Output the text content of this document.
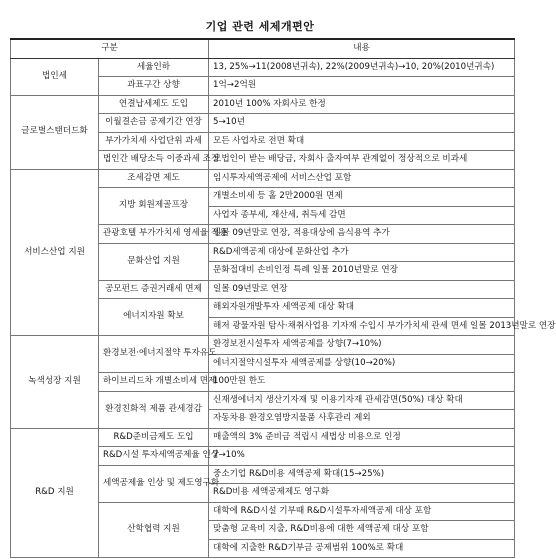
기업 관련 세제개편안
구분		내용
법인세	세율인하	13, 25%→11(2008년귀속), 22%(2009년귀속)→10, 20%(2010년귀속)
	과표구간 상향	1억→2억원
글로벌스탠더드화	연결납세제도 도입	2010년 100% 자회사로 한정
	이월결손금 공제기간 연장	5→10년
	부가가치세 사업단위 과세	모든 사업자로 전면 확대
	법인간 배당소득 이중과세 조정	모법인이 받는 배당금, 자회사 출자여부 관계없이 정상적으로 비과세
서비스산업 지원	조세감면 제도	임시투자세액공제에 서비스산업 포함
	지방 회원제골프장	개별소비세 등 홀 2만2000원 면제
		사업자 종부세, 재산세, 취득세 감면
	관광호텔 부가가치세 영세율 적용	일몰 09년말로 연장, 적용대상에 음식용역 추가
	문화산업 지원	R&D세액공제 대상에 문화산업 추가
		문화접대비 손비인정 특례 일몰 2010년말로 연장
	공모펀드 증권거래세 면제	일몰 09년말로 연장
	에너지자원 확보	해외자원개발투자 세액공제 대상 확대
		해저 광물자원 탐사·채취사업용 기자재 수입시 부가가치세 관세 면세 일몰 2013년말로 연장
녹색성장 지원	환경보전·에너지절약 투자유도	환경보전시설투자 세액공제를 상향(7→10%)
		에너지절약시설투자 세액공제를 상향(10→20%)
	하이브리드차 개별소비세 면제	100만원 한도
	환경친화적 제품 관세경감	신재생에너지 생산기자재 및 이용기자재 관세감면(50%) 대상 확대
		자동차용 환경오염방지물품 사후관리 제외
R&D 지원	R&D준비금제도 도입	매출액의 3% 준비금 적립시 세법상 비용으로 인정
	R&D시설 투자세액공제율 인상	7→10%
	세액공제율 인상 및 제도영구화	중소기업 R&D비용 세액공제 확대(15→25%)
		R&D비용 세액공제제도 영구화
	산학협력 지원	대학에 R&D시설 기부때 R&D시설투자세액공제 대상 포함
		맞춤형 교육비 지출, R&D비용에 대한 세액공제 대상 포함
		대학에 지출한 R&D기부금 공제범위 100%로 확대
